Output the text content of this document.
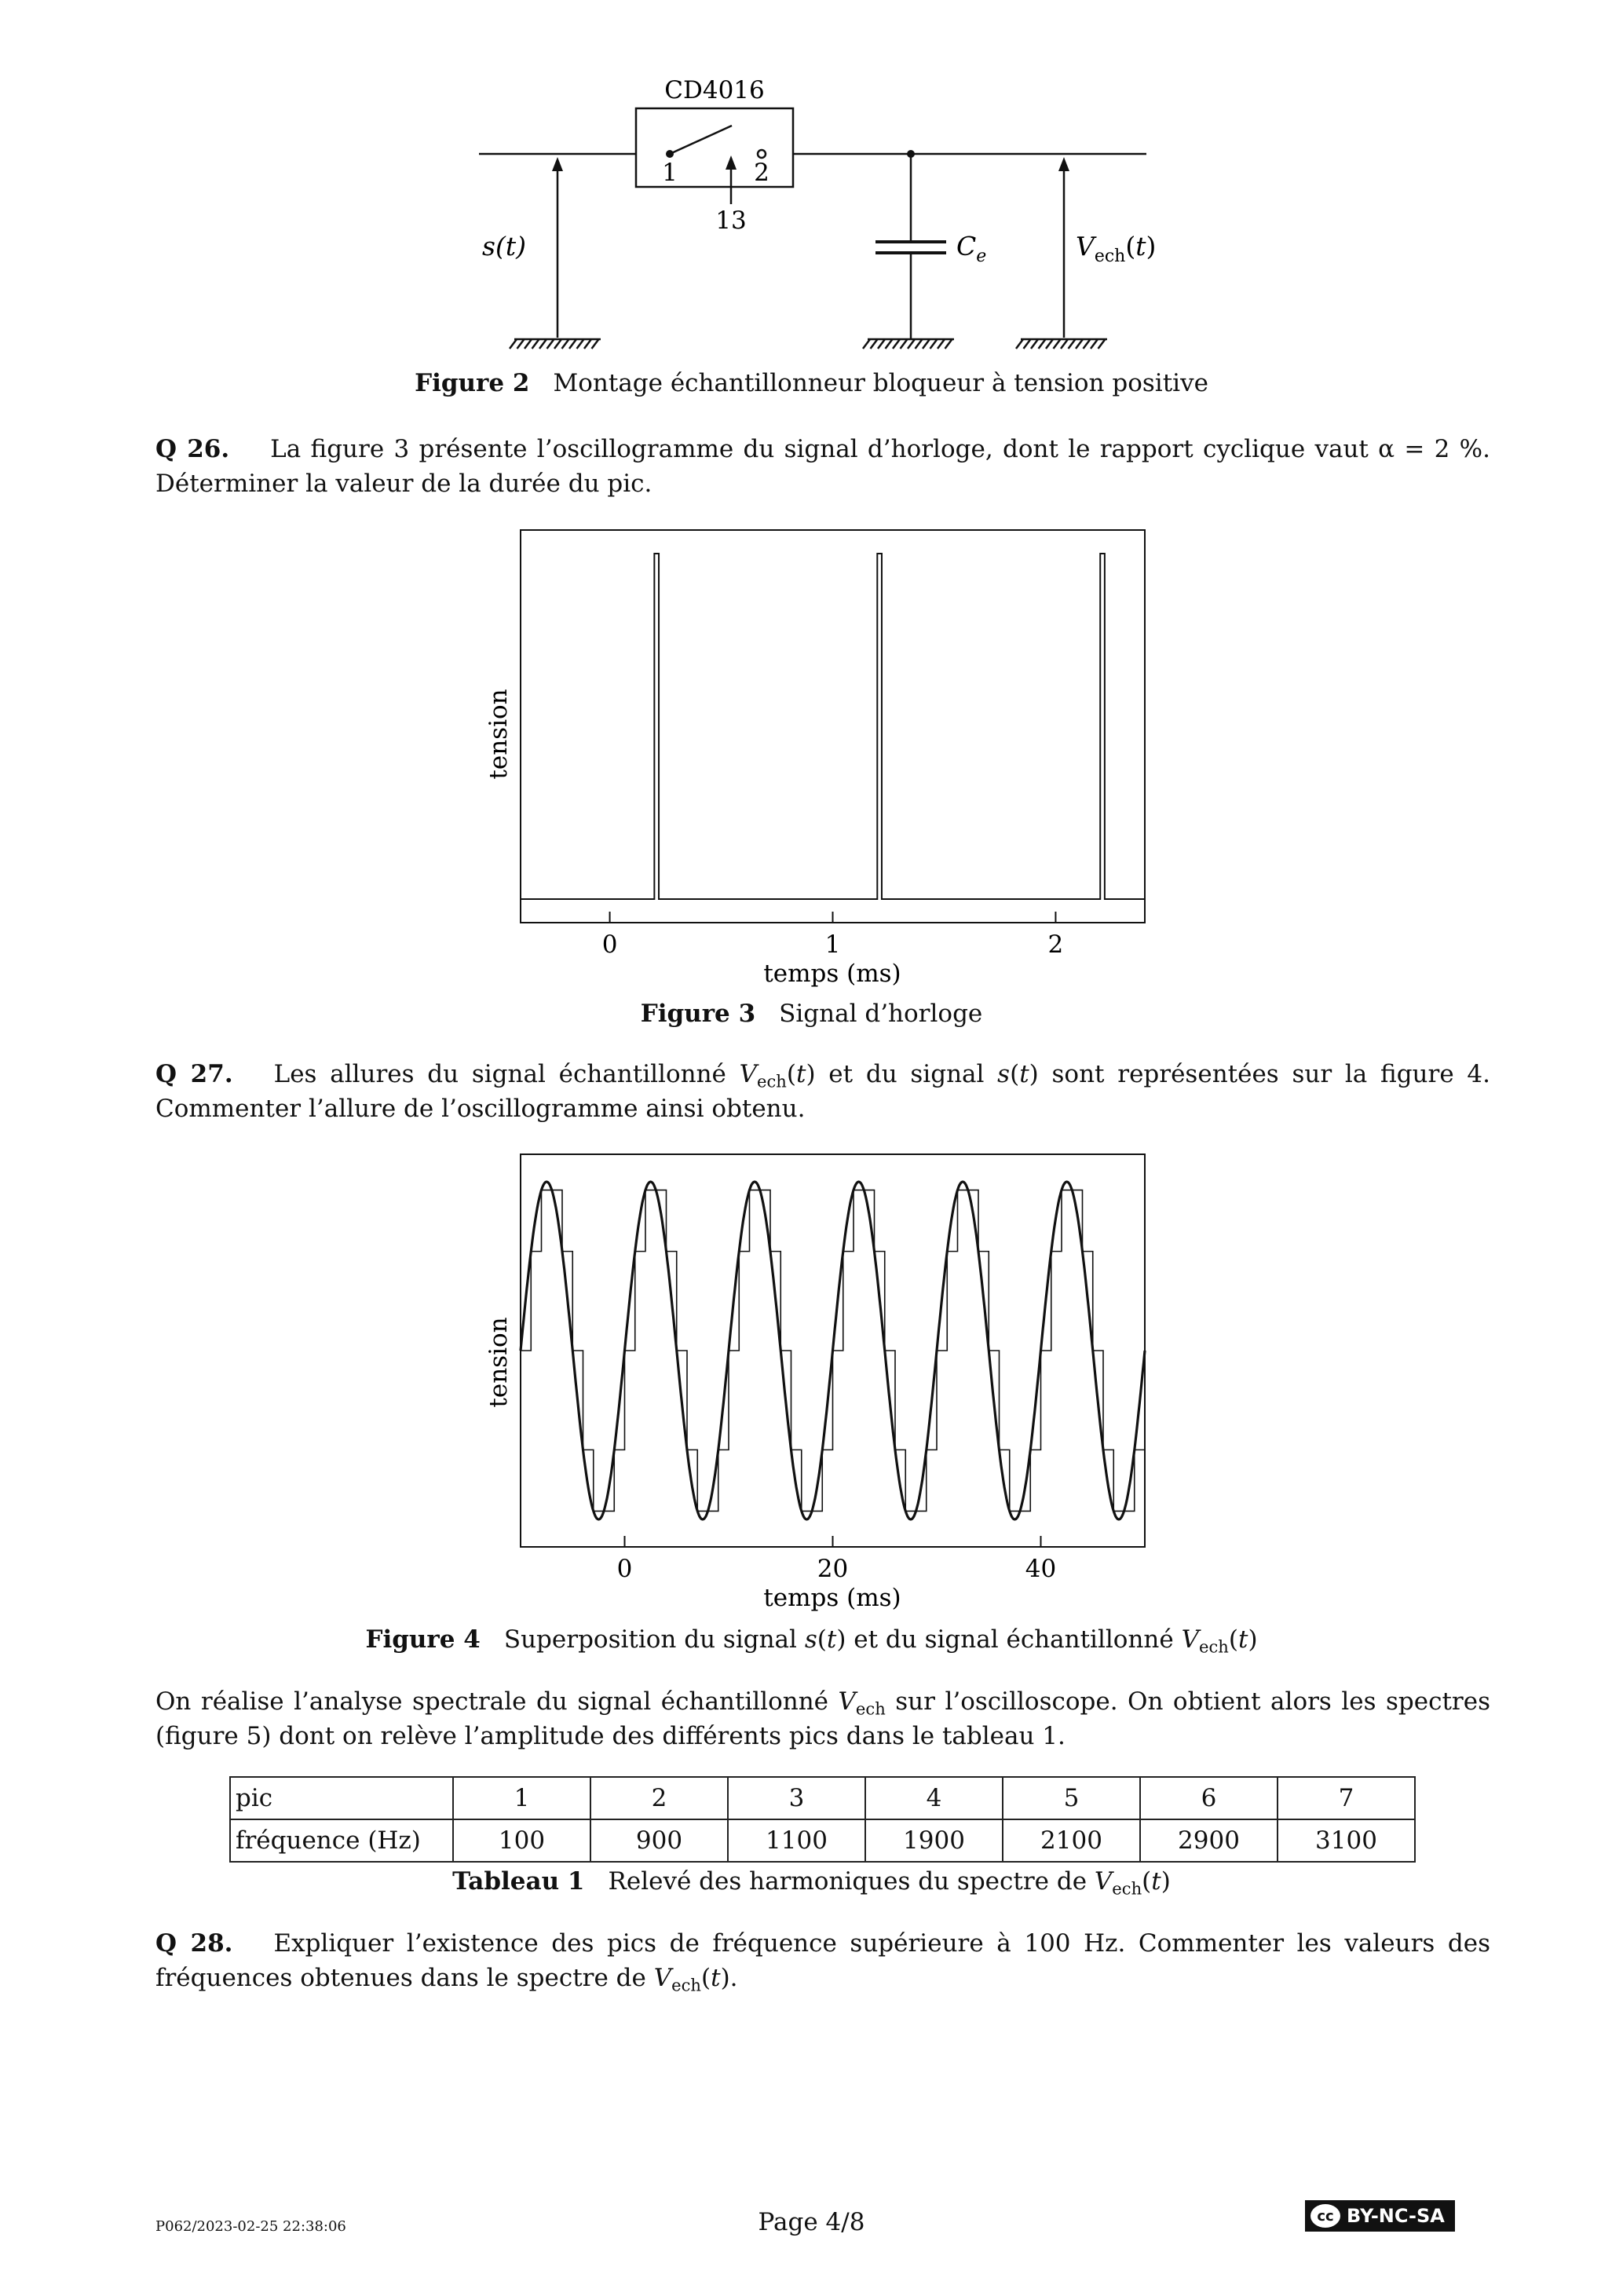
CD4016
1	2
13
s(t)	$C_e$	$V_{ech}(t)$
Figure 2 Montage échantillonneur bloqueur à tension positive
Q 26. La figure 3 présente l’oscillogramme du signal d’horloge, dont le rapport cyclique vaut α = 2 %. Déterminer la valeur de la durée du pic.
tension
temps (ms)
0	1	2
Figure 3 Signal d’horloge
Q 27. Les allures du signal échantillonné $V_{ech}(t)$ et du signal s(t) sont représentées sur la figure 4. Commenter l’allure de l’oscillogramme ainsi obtenu.
tension
temps (ms)
0	20	40
Figure 4 Superposition du signal s(t) et du signal échantillonné $V_{ech}(t)$
On réalise l’analyse spectrale du signal échantillonné $V_{ech}$ sur l’oscilloscope. On obtient alors les spectres (figure 5) dont on relève l’amplitude des différents pics dans le tableau 1.
pic	1	2	3	4	5	6	7
fréquence (Hz)	100	900	1100	1900	2100	2900	3100
Tableau 1 Relevé des harmoniques du spectre de $V_{ech}(t)$
Q 28. Expliquer l’existence des pics de fréquence supérieure à 100 Hz. Commenter les valeurs des fréquences obtenues dans le spectre de $V_{ech}(t)$.
P062/2023-02-25 22:38:06	Page 4/8	cc BY-NC-SA
